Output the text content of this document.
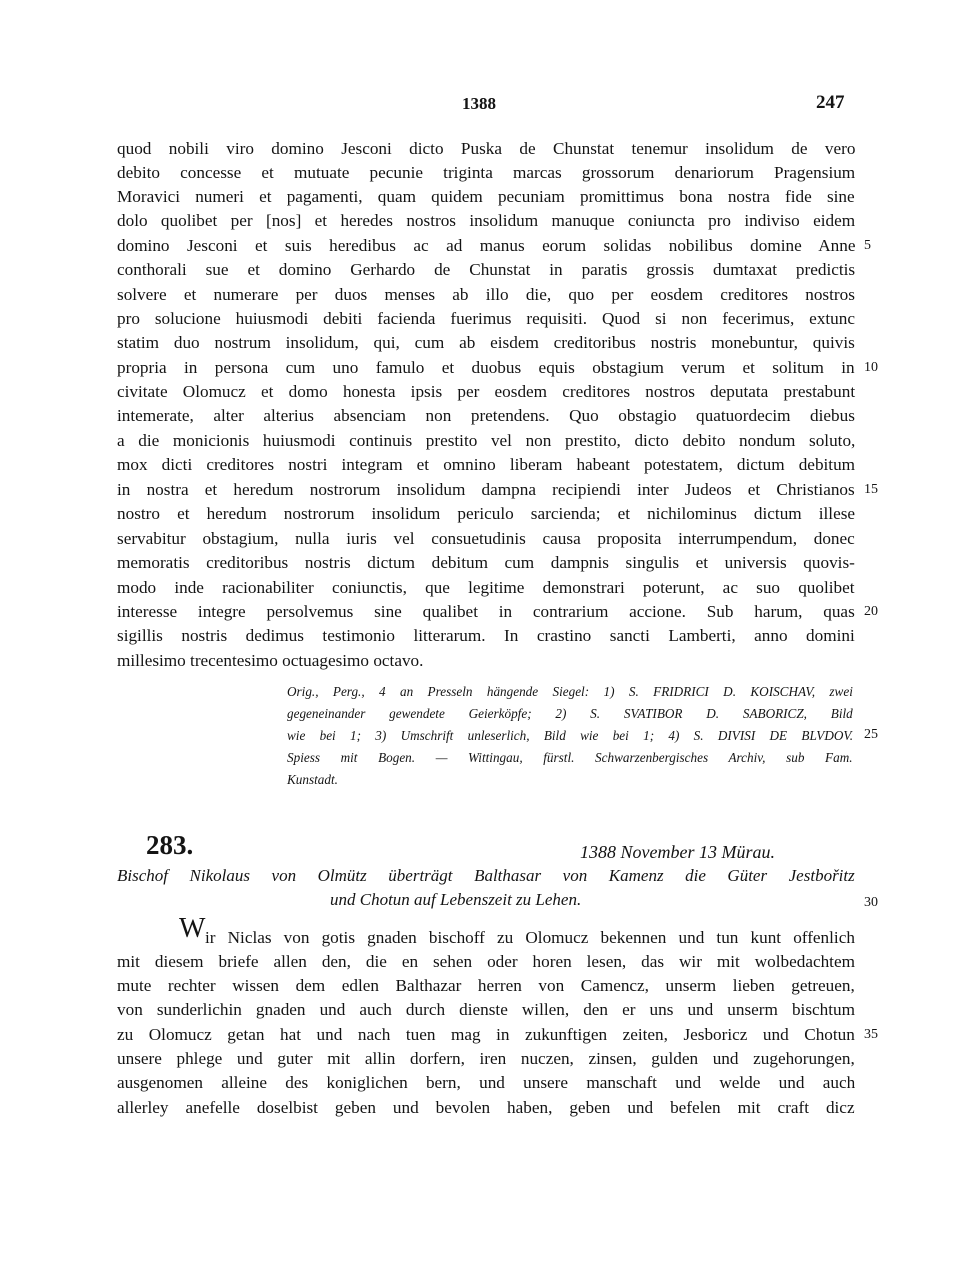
1388	247
quod nobili viro domino Jesconi dicto Puska de Chunstat tenemur insolidum de vero
debito concesse et mutuate pecunie triginta marcas grossorum denariorum Pragensium
Moravici numeri et pagamenti, quam quidem pecuniam promittimus bona nostra fide sine
dolo quolibet per [nos] et heredes nostros insolidum manuque coniuncta pro indiviso eidem
domino Jesconi et suis heredibus ac ad manus eorum solidas nobilibus domine Anne
conthorali sue et domino Gerhardo de Chunstat in paratis grossis dumtaxat predictis
solvere et numerare per duos menses ab illo die, quo per eosdem creditores nostros
pro solucione huiusmodi debiti facienda fuerimus requisiti. Quod si non fecerimus, extunc
statim duo nostrum insolidum, qui, cum ab eisdem creditoribus nostris monebuntur, quivis
propria in persona cum uno famulo et duobus equis obstagium verum et solitum in
civitate Olomucz et domo honesta ipsis per eosdem creditores nostros deputata prestabunt
intemerate, alter alterius absenciam non pretendens. Quo obstagio quatuordecim diebus
a die monicionis huiusmodi continuis prestito vel non prestito, dicto debito nondum soluto,
mox dicti creditores nostri integram et omnino liberam habeant potestatem, dictum debitum
in nostra et heredum nostrorum insolidum dampna recipiendi inter Judeos et Christianos
nostro et heredum nostrorum insolidum periculo sarcienda; et nichilominus dictum illese
servabitur obstagium, nulla iuris vel consuetudinis causa proposita interrumpendum, donec
memoratis creditoribus nostris dictum debitum cum dampnis singulis et universis quovis-
modo inde racionabiliter coniunctis, que legitime demonstrari poterunt, ac suo quolibet
interesse integre persolvemus sine qualibet in contrarium accione. Sub harum, quas
sigillis nostris dedimus testimonio litterarum. In crastino sancti Lamberti, anno domini
millesimo trecentesimo octuagesimo octavo.
5
10
15
20
25
30
35
Orig., Perg., 4 an Presseln hängende Siegel: 1) S. FRIDRICI D. KOISCHAV, zwei
gegeneinander gewendete Geierköpfe; 2) S. SVATIBOR D. SABORICZ, Bild
wie bei 1; 3) Umschrift unleserlich, Bild wie bei 1; 4) S. DIVISI DE BLVDOV.
Spiess mit Bogen. — Wittingau, fürstl. Schwarzenbergisches Archiv, sub Fam.
Kunstadt.
283.	1388 November 13 Mürau.
Bischof Nikolaus von Olmütz überträgt Balthasar von Kamenz die Güter Jestbořitz
und Chotun auf Lebenszeit zu Lehen.
W ir Niclas von gotis gnaden bischoff zu Olomucz bekennen und tun kunt offenlich
mit diesem briefe allen den, die en sehen oder horen lesen, das wir mit wolbedachtem
mute rechter wissen dem edlen Balthazar herren von Camencz, unserm lieben getreuen,
von sunderlichin gnaden und auch durch dienste willen, den er uns und unserm bischtum
zu Olomucz getan hat und nach tuen mag in zukunftigen zeiten, Jesboricz und Chotun
unsere phlege und guter mit allin dorfern, iren nuczen, zinsen, gulden und zugehorungen,
ausgenomen alleine des koniglichen bern, und unsere manschaft und welde und auch
allerley anefelle doselbist geben und bevolen haben, geben und befelen mit craft dicz
